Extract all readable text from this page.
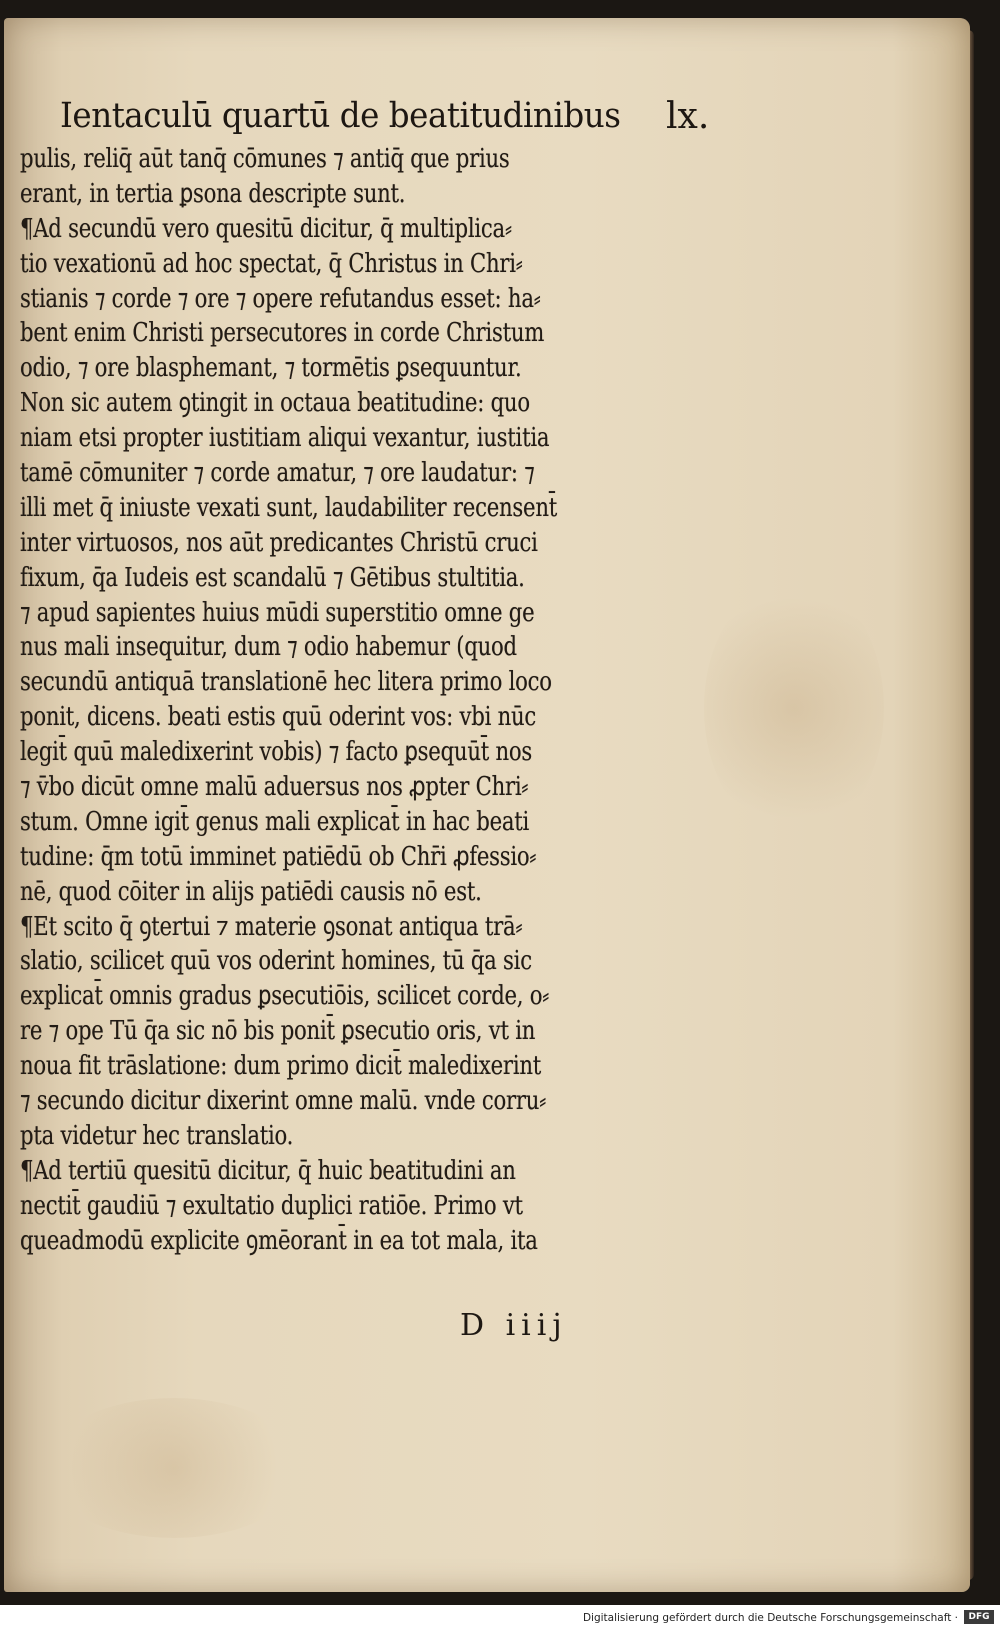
Ientaculū quartū de beatitudinibus	lx.
pulis, reliq̄ aūt tanq̄ cōmunes ⁊ antiq̄ que prius
erant, in tertia ꝑsona descripte sunt.
¶Ad secundū vero quesitū dicitur, q̄ multiplica⸗
tio vexationū ad hoc spectat, q̄ Christus in Chri⸗
stianis ⁊ corde ⁊ ore ⁊ opere refutandus esset: ha⸗
bent enim Christi persecutores in corde Christum
odio, ⁊ ore blasphemant, ⁊ tormētis ꝑsequuntur.
Non sic autem ꝯtingit in octaua beatitudine: quo
niam etsi propter iustitiam aliqui vexantur, iustitia
tamē cōmuniter ⁊ corde amatur, ⁊ ore laudatur: ⁊
illi met q̄ iniuste vexati sunt, laudabiliter recensent̄
inter virtuosos, nos aūt predicantes Christū cruci
fixum, q̄a Iudeis est scandalū ⁊ Gētibus stultitia.
⁊ apud sapientes huius mūdi superstitio omne ge
nus mali insequitur, dum ⁊ odio habemur (quod
secundū antiquā translationē hec litera primo loco
ponit, dicens. beati estis quū oderint vos: vbi nūc
legit̄ quū maledixerint vobis) ⁊ facto ꝑsequūt̄ nos
⁊ v̄bo dicūt omne malū aduersus nos ꝓpter Chri⸗
stum. Omne igit̄ genus mali explicat̄ in hac beati
tudine: q̄m totū imminet patiēdū ob Chr̄i ꝓfessio⸗
nē, quod cōiter in alijs patiēdi causis nō est.
¶Et scito q̄ ꝯtertui ⁊ materie ꝯsonat antiqua trā⸗
slatio, scilicet quū vos oderint homines, tū q̄a sic
explicat̄ omnis gradus ꝑsecutiōis, scilicet corde, o⸗
re ⁊ ope Tū q̄a sic nō bis ponit̄ ꝑsecutio oris, vt in
noua fit trāslatione: dum primo dicit̄ maledixerint
⁊ secundo dicitur dixerint omne malū. vnde corru⸗
pta videtur hec translatio.
¶Ad tertiū quesitū dicitur, q̄ huic beatitudini an
nectit̄ gaudiū ⁊ exultatio duplici ratiōe. Primo vt
queadmodū explicite ꝯmēorant̄ in ea tot mala, ita
D iiij
Digitalisierung gefördert durch die Deutsche Forschungsgemeinschaft ·	DFG
